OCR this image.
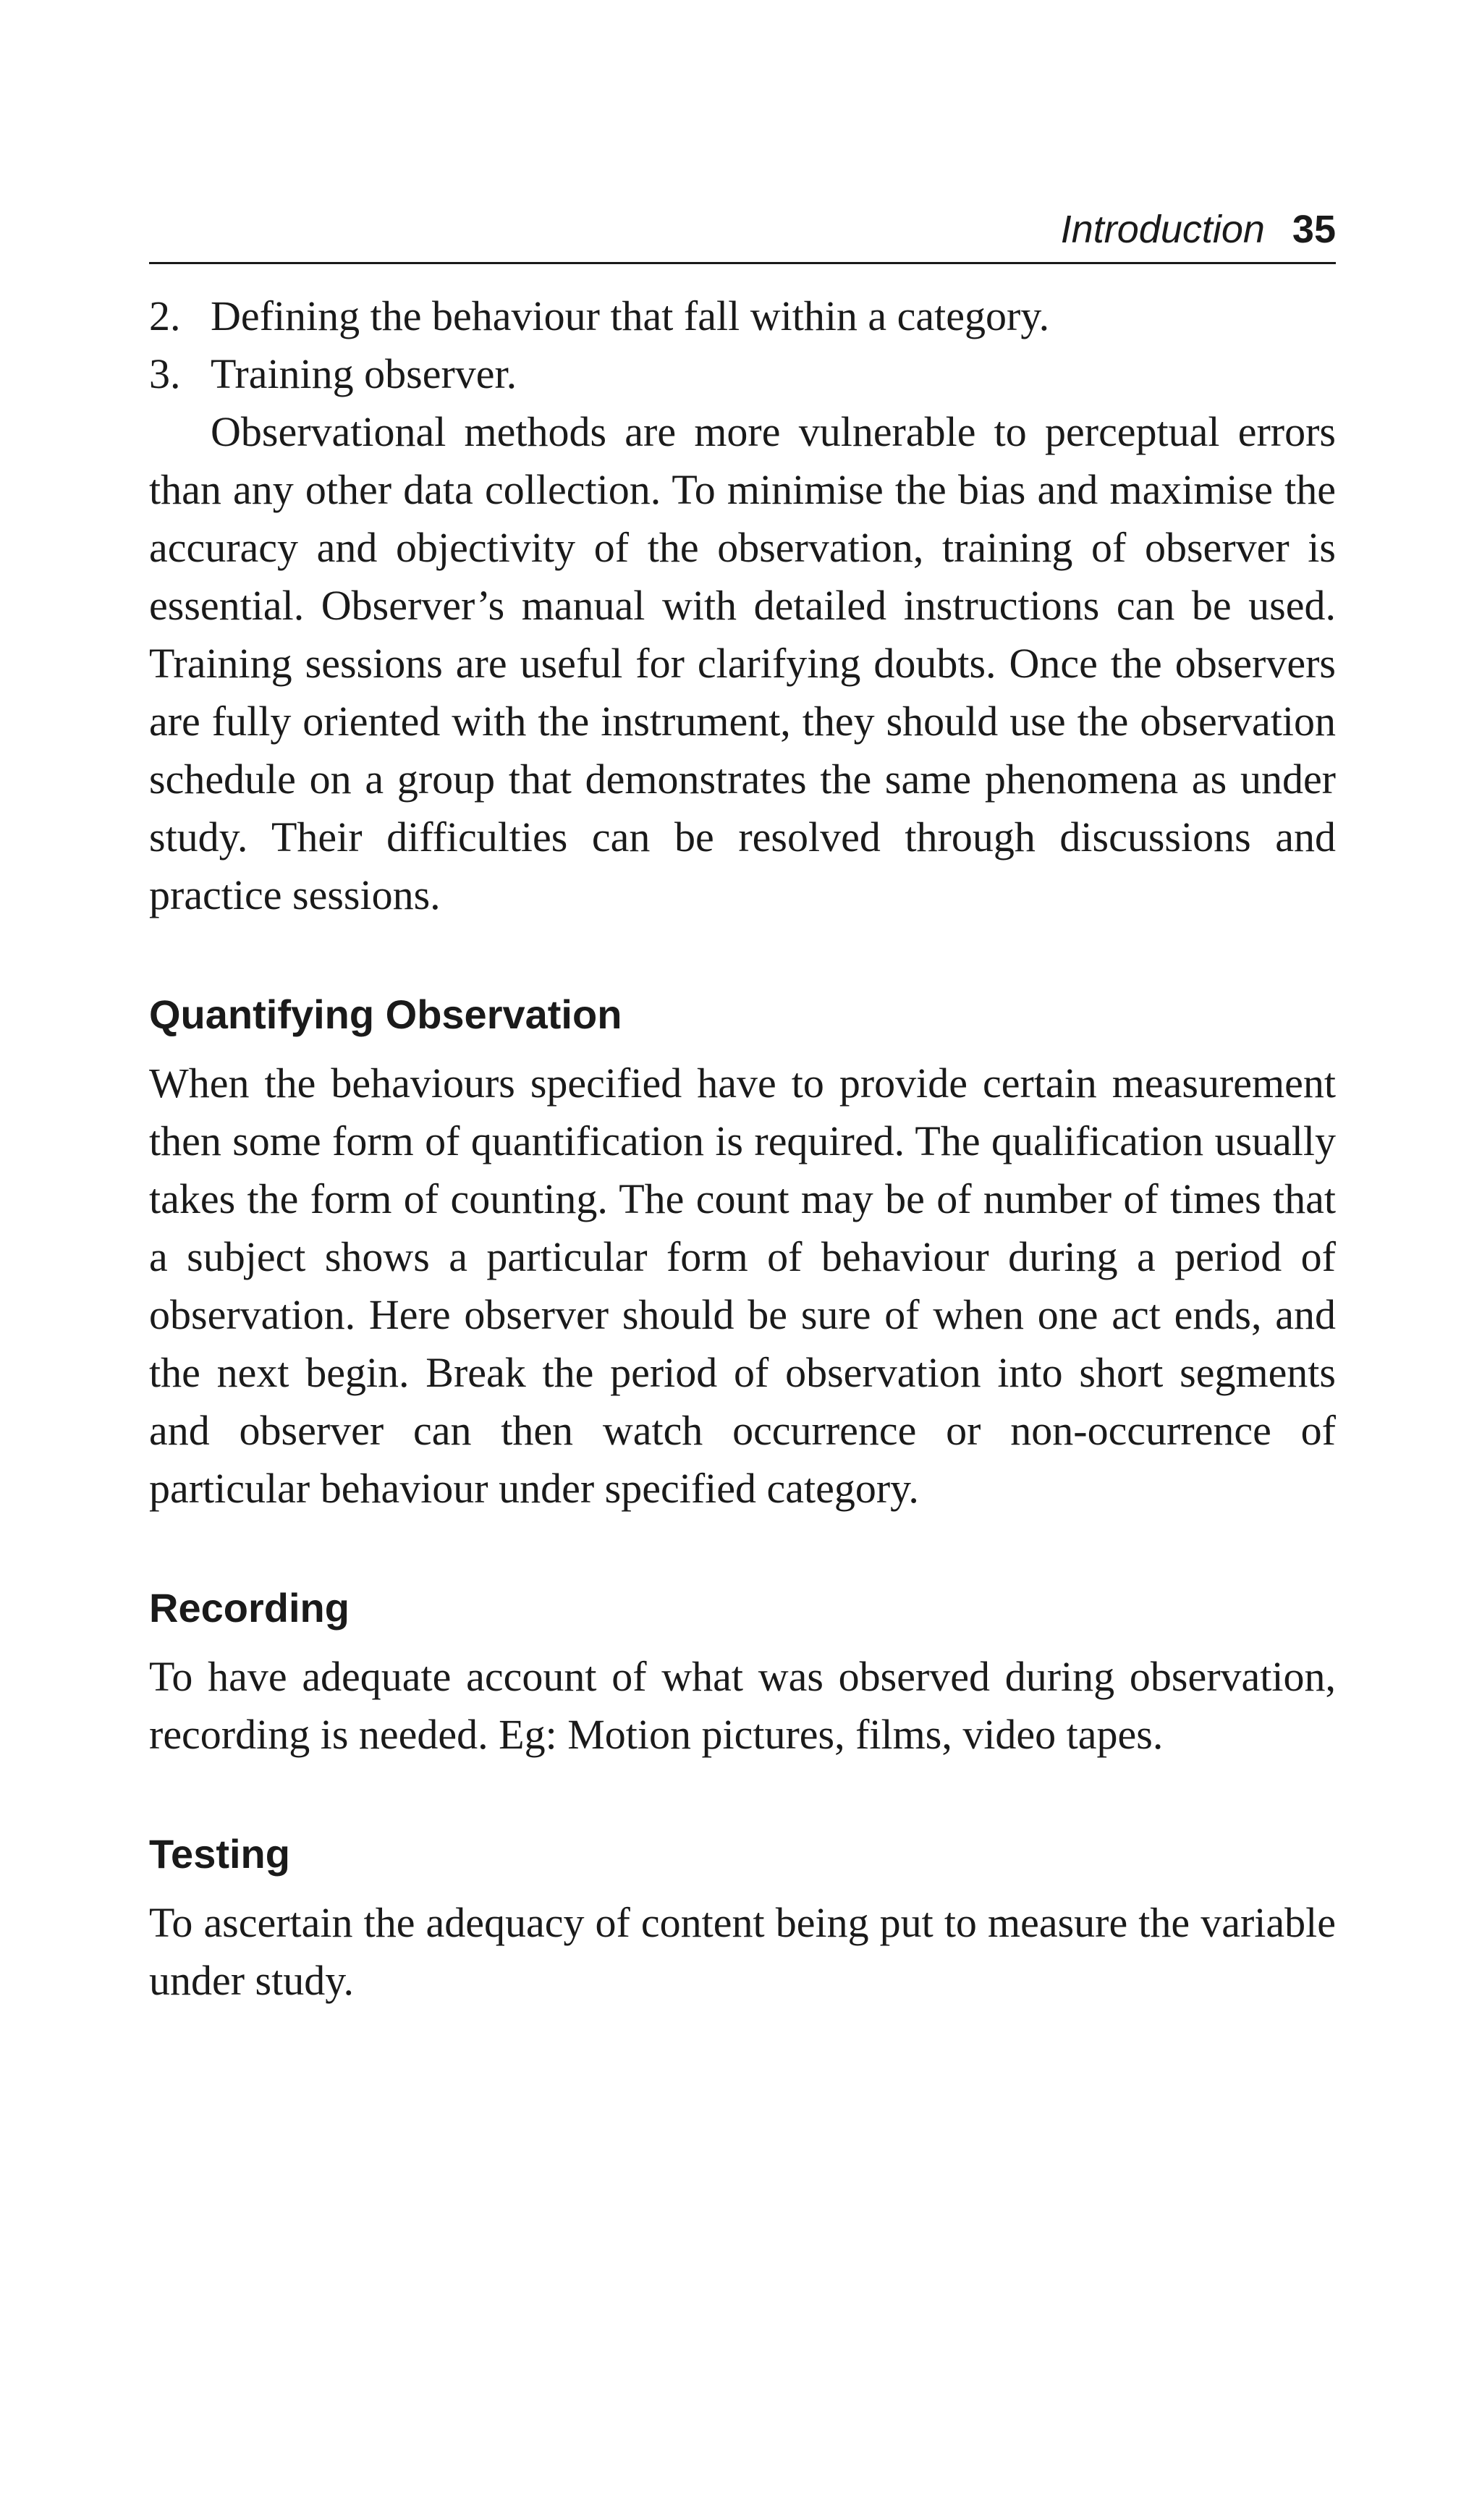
Introduction 35
2. Defining the behaviour that fall within a category.
3. Training observer.

Observational methods are more vulnerable to perceptual errors than any other data collection. To minimise the bias and maximise the accuracy and objectivity of the observation, training of observer is essential. Observer’s manual with detailed instructions can be used. Training sessions are useful for clarifying doubts. Once the observers are fully oriented with the instrument, they should use the observation schedule on a group that demonstrates the same phenomena as under study. Their difficulties can be resolved through discussions and practice sessions.

Quantifying Observation

When the behaviours specified have to provide certain measurement then some form of quantification is required. The qualification usually takes the form of counting. The count may be of number of times that a subject shows a particular form of behaviour during a period of observation. Here observer should be sure of when one act ends, and the next begin. Break the period of observation into short segments and observer can then watch occurrence or non-occurrence of particular behaviour under specified category.

Recording

To have adequate account of what was observed during observation, recording is needed. Eg: Motion pictures, films, video tapes.

Testing

To ascertain the adequacy of content being put to measure the variable under study.
